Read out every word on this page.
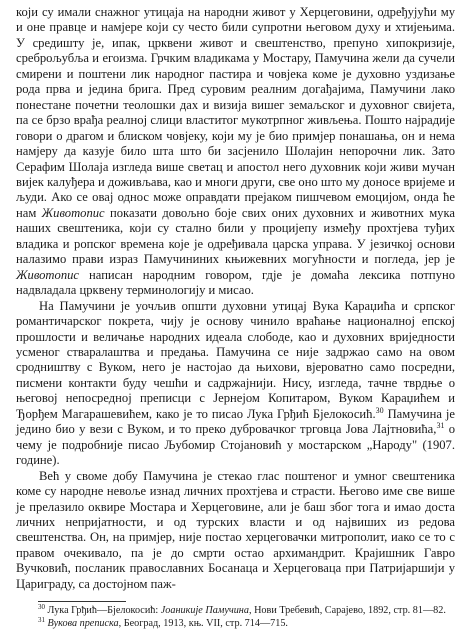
који су имали снажног утицаја на народни живот у Херцеговини, одређујући му и оне правце и намјере који су често били супротни његовом духу и хтијењима. У средишту је, ипак, црквени живот и свештенство, препуно хипокризије, среброљубља и егоизма. Грчким владикама у Мостару, Памучина жели да сучели смирени и поштени лик народног пастира и човјека коме је духовно уздизање рода прва и једина брига. Пред суровим реалним догађајима, Памучини лако понестане почетни теолошки дах и визија вишег земаљског и духовног свијета, па се брзо врађа реалној слици властитог мукотрпног живљења. Поштo најрадије говори о драгом и блиском човјеку, који му је био примјер понашања, он и нема намјеру да казује било шта што би засјенило Шолајин непорочни лик. Зато Серафим Шолаја изгледа више светац и апостол него духовник који живи мучан вијек калуђера и доживљава, као и многи други, све оно што му доносе вријеме и људи. Ако се овај однос може оправдати прејаком пишчевом емоцијом, онда ће нам Животопис показати довољно боје свих оних духовних и животних мука наших свештеника, који су стално били у процијепу између прохтјева туђих владика и ропског времена које је одређивала царска управа. У језичкој основи налазимо прави израз Памучининих књижевних могућности и погледа, јер је Животопис написан народним говором, гдје је домаћа лексика потпуно надвладала црквену терминологију и мисао.

На Памучини је уочљив општи духовни утицај Вука Караџића и српског романтичарског покрета, чију је основу чинило враћање националној епској прошлости и величање народних идеала слободе, као и духовних вриједности усменог стваралаштва и предања. Памучина се није задржао само на овом сродништву с Вуком, него је настојао да њихови, вјероватно само посредни, писмени контакти буду чешћи и садржајнији. Нису, изгледа, тачне тврдње о његовој непосредној преписци с Јернејом Копитаром, Вуком Караџићем и Ђорђем Магарашевићем, како је то писао Лука Грђић Бјелокосић.$^{30}$ Памучина је једино био у вези с Вуком, и то преко дубровачког трговца Јова Лајтновића,$^{31}$ о чему је подробније писао Љубомир Стојановић у мостарском „Народу" (1907. године).

Већ у своме добу Памучина је стекао глас поштеног и умног свештеника коме су народне невоље изнад личних прохтјева и страсти. Његово име све више је прелазило оквире Мостара и Херцеговине, али је баш због тога и имао доста личних непријатности, и од турских власти и од највиших из редова свештенства. Он, на примјер, није постао херцеговачки митрополит, иако се то с правом очекивало, па је до смрти остао архимандрит. Крајишник Гаврo Вучковић, посланик православних Босанаца и Херцеговаца при Патријаршији у Цариграду, са достојном паж-

$^{30}$ Лука Грђић—Бјелокосић: Јоаникије Памучина, Нови Требевић, Сарајево, 1892, стр. 81—82.

$^{31}$ Вукова преписка, Београд, 1913, књ. VII, стр. 714—715.
